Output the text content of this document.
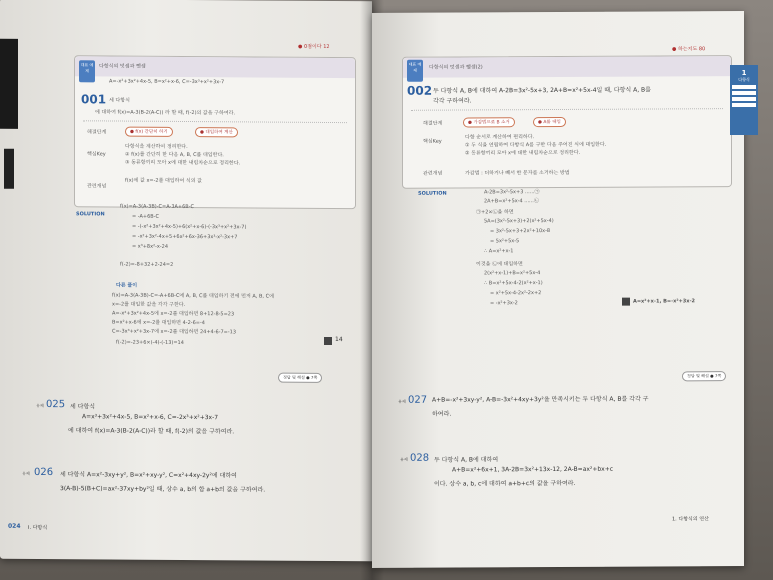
● 0점이다 12
대표 예제
다항식의 덧셈과 뺄셈
001 세 다항식
A=-x²+3x²+4x-5, B=x²+x-6, C=-3x³+x²+3x-7
에 대하여 f(x)=A-3(B-2(A-C)) 라 할 때, f(-2)의 값을 구하여라.
해결단계	● f(x) 간단히 하기	● 대입하여 계산
핵심Key
다항식을 계산하여 정리한다.
② f(x)를 간단히 한 다음 A, B, C를 대입한다.
③ 동류항끼리 모아 x에 대한 내림차순으로 정리한다.
관련개념
f(x)에 값 x=-2를 대입하여 식의 값
SOLUTION
f(x)=A-3(A-3B)-C=A-3A+6B-C
= -A+6B-C
= -(-x²+3x²+4x-5)+6(x²+x-6)-(-3x³+x²+3x-7)
= -x²+3x²-4x+5+6x²+6x-36+3x³-x²-3x+7
= x³+8x²-x-24
f(-2)=-8+32+2-24=2
다른 풀이
f(x)=A-3(A-3B)-C=-A+6B-C에 A, B, C를 대입하기 전에 먼저 A, B, C에
x=-2를 대입한 값을 각각 구한다.
A=-x²+3x²+4x-5에 x=-2를 대입하면 8+12-8-5=23
B=x²+x-6에 x=-2를 대입하면 4-2-6=-4
C=-3x³+x²+3x-7에 x=-2를 대입하면 24+4-6-7=-13
f(-2)=-23+6×(-4)-(-13)=14	14
정답 및 해설 ● 7쪽
유제 025 세 다항식
A=x³+3x²+4x-5, B=x²+x-6, C=-2x³+x²+3x-7
에 대하여 f(x)=A-3(B-2(A-C))라 할 때, f(-2)의 값을 구하여라.
유제 026 세 다항식 A=x²-3xy+y², B=x²+xy-y², C=x²+4xy-2y²에 대하여
3(A-B)-5(B+C)=ax²-37xy+by²일 때, 상수 a, b의 합 a+b의 값을 구하여라.
024 I. 다항식
● 하는지도 80
대표 예제	다항식의 덧셈과 뺄셈(2)
002 두 다항식 A, B에 대하여 A-2B=3x²-5x+3, 2A+B=x²+5x-4일 때, 다항식 A, B를
각각 구하여라.
해결단계	● 가감법으로 B 소거	● A를 대입
핵심Key
다항 순서로 계산하여 편리하다.
① 두 식을 연립하여 다항식 A를 구한 다음 주어진 식에 대입한다.
② 동류항끼리 모아 x에 대한 내림차순으로 정리한다.
관련개념	가감법 : 더하거나 빼서 한 문자를 소거하는 방법
SOLUTION	A-2B=3x²-5x+3 ......㉠
2A+B=x²+5x-4 ......㉡
㉠+2×㉡을 하면
5A=(3x²-5x+3)+2(x²+5x-4)
= 3x²-5x+3+2x²+10x-8
= 5x²+5x-5
∴ A=x²+x-1
이것을 ㉡에 대입하면
2(x²+x-1)+B=x²+5x-4
∴ B=x²+5x-4-2(x²+x-1)
= x²+5x-4-2x²-2x+2
= -x²+3x-2	A=x²+x-1, B=-x²+3x-2
정답 및 해설 ● 7쪽
유제 027 A+B=-x²+3xy-y², A-B=-3x²+4xy+3y²을 만족시키는 두 다항식 A, B를 각각 구
하여라.
유제 028 두 다항식 A, B에 대하여
A+B=x²+6x+1, 3A-2B=3x²+13x-12, 2A-B=ax²+bx+c
이다. 상수 a, b, c에 대하여 a+b+c의 값을 구하여라.
1. 다항식의 연산
1
다항식
